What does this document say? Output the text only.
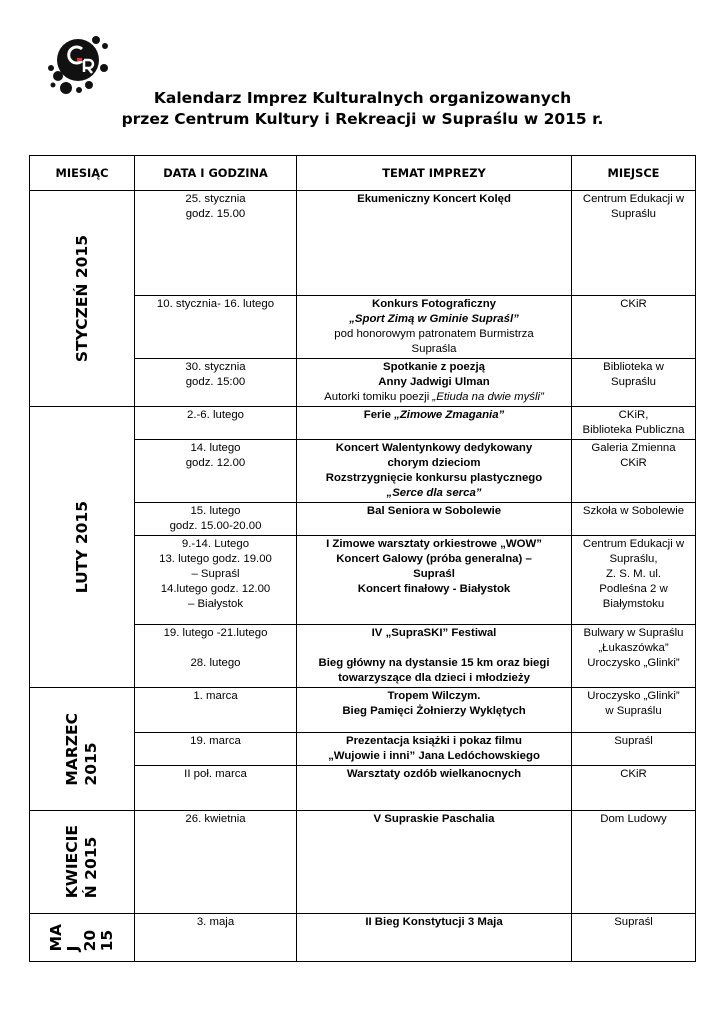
Kalendarz Imprez Kulturalnych organizowanych
przez Centrum Kultury i Rekreacji w Supraślu w 2015 r.
MIESIĄC	DATA I GODZINA	TEMAT IMPREZY	MIEJSCE

STYCZEŃ 2015	25. stycznia
godz. 15.00	Ekumeniczny Koncert Kolęd	Centrum Edukacji w
Supraślu

	10. stycznia- 16. lutego	Konkurs Fotograficzny
„Sport Zimą w Gminie Supraśl”
pod honorowym patronatem Burmistrza
Supraśla	CKiR

	30. stycznia
godz. 15:00	Spotkanie z poezją
Anny Jadwigi Ulman
Autorki tomiku poezji „Etiuda na dwie myśli”	Biblioteka w
Supraślu

LUTY 2015	2.-6. lutego	Ferie „Zimowe Zmagania”	CKiR,
Biblioteka Publiczna

	14. lutego
godz. 12.00	Koncert Walentynkowy dedykowany
chorym dzieciom
Rozstrzygnięcie konkursu plastycznego
„Serce dla serca”	Galeria Zmienna
CKiR

	15. lutego
godz. 15.00-20.00	Bal Seniora w Sobolewie	Szkoła w Sobolewie

	9.-14. Lutego
13. lutego godz. 19.00
– Supraśl
14.lutego godz. 12.00
– Białystok	I Zimowe warsztaty orkiestrowe „WOW”
Koncert Galowy (próba generalna) –
Supraśl
Koncert finałowy - Białystok	Centrum Edukacji w
Supraślu,
Z. S. M. ul.
Podleśna 2 w
Białymstoku

	19. lutego -21.lutego
28. lutego	IV „SupraSKI” Festiwal
Bieg główny na dystansie 15 km oraz biegi
towarzyszące dla dzieci i młodzieży	Bulwary w Supraślu
„Łukaszówka”
Uroczysko „Glinki”

MARZEC
2015	1. marca	Tropem Wilczym.
Bieg Pamięci Żołnierzy Wyklętych	Uroczysko „Glinki”
w Supraślu

	19. marca	Prezentacja książki i pokaz filmu
„Wujowie i inni” Jana Ledóchowskiego	Supraśl

	II poł. marca	Warsztaty ozdób wielkanocnych	CKiR

KWIECIE
Ń 2015	26. kwietnia	V Supraskie Paschalia	Dom Ludowy

MA
J
20
15	3. maja	II Bieg Konstytucji 3 Maja	Supraśl
